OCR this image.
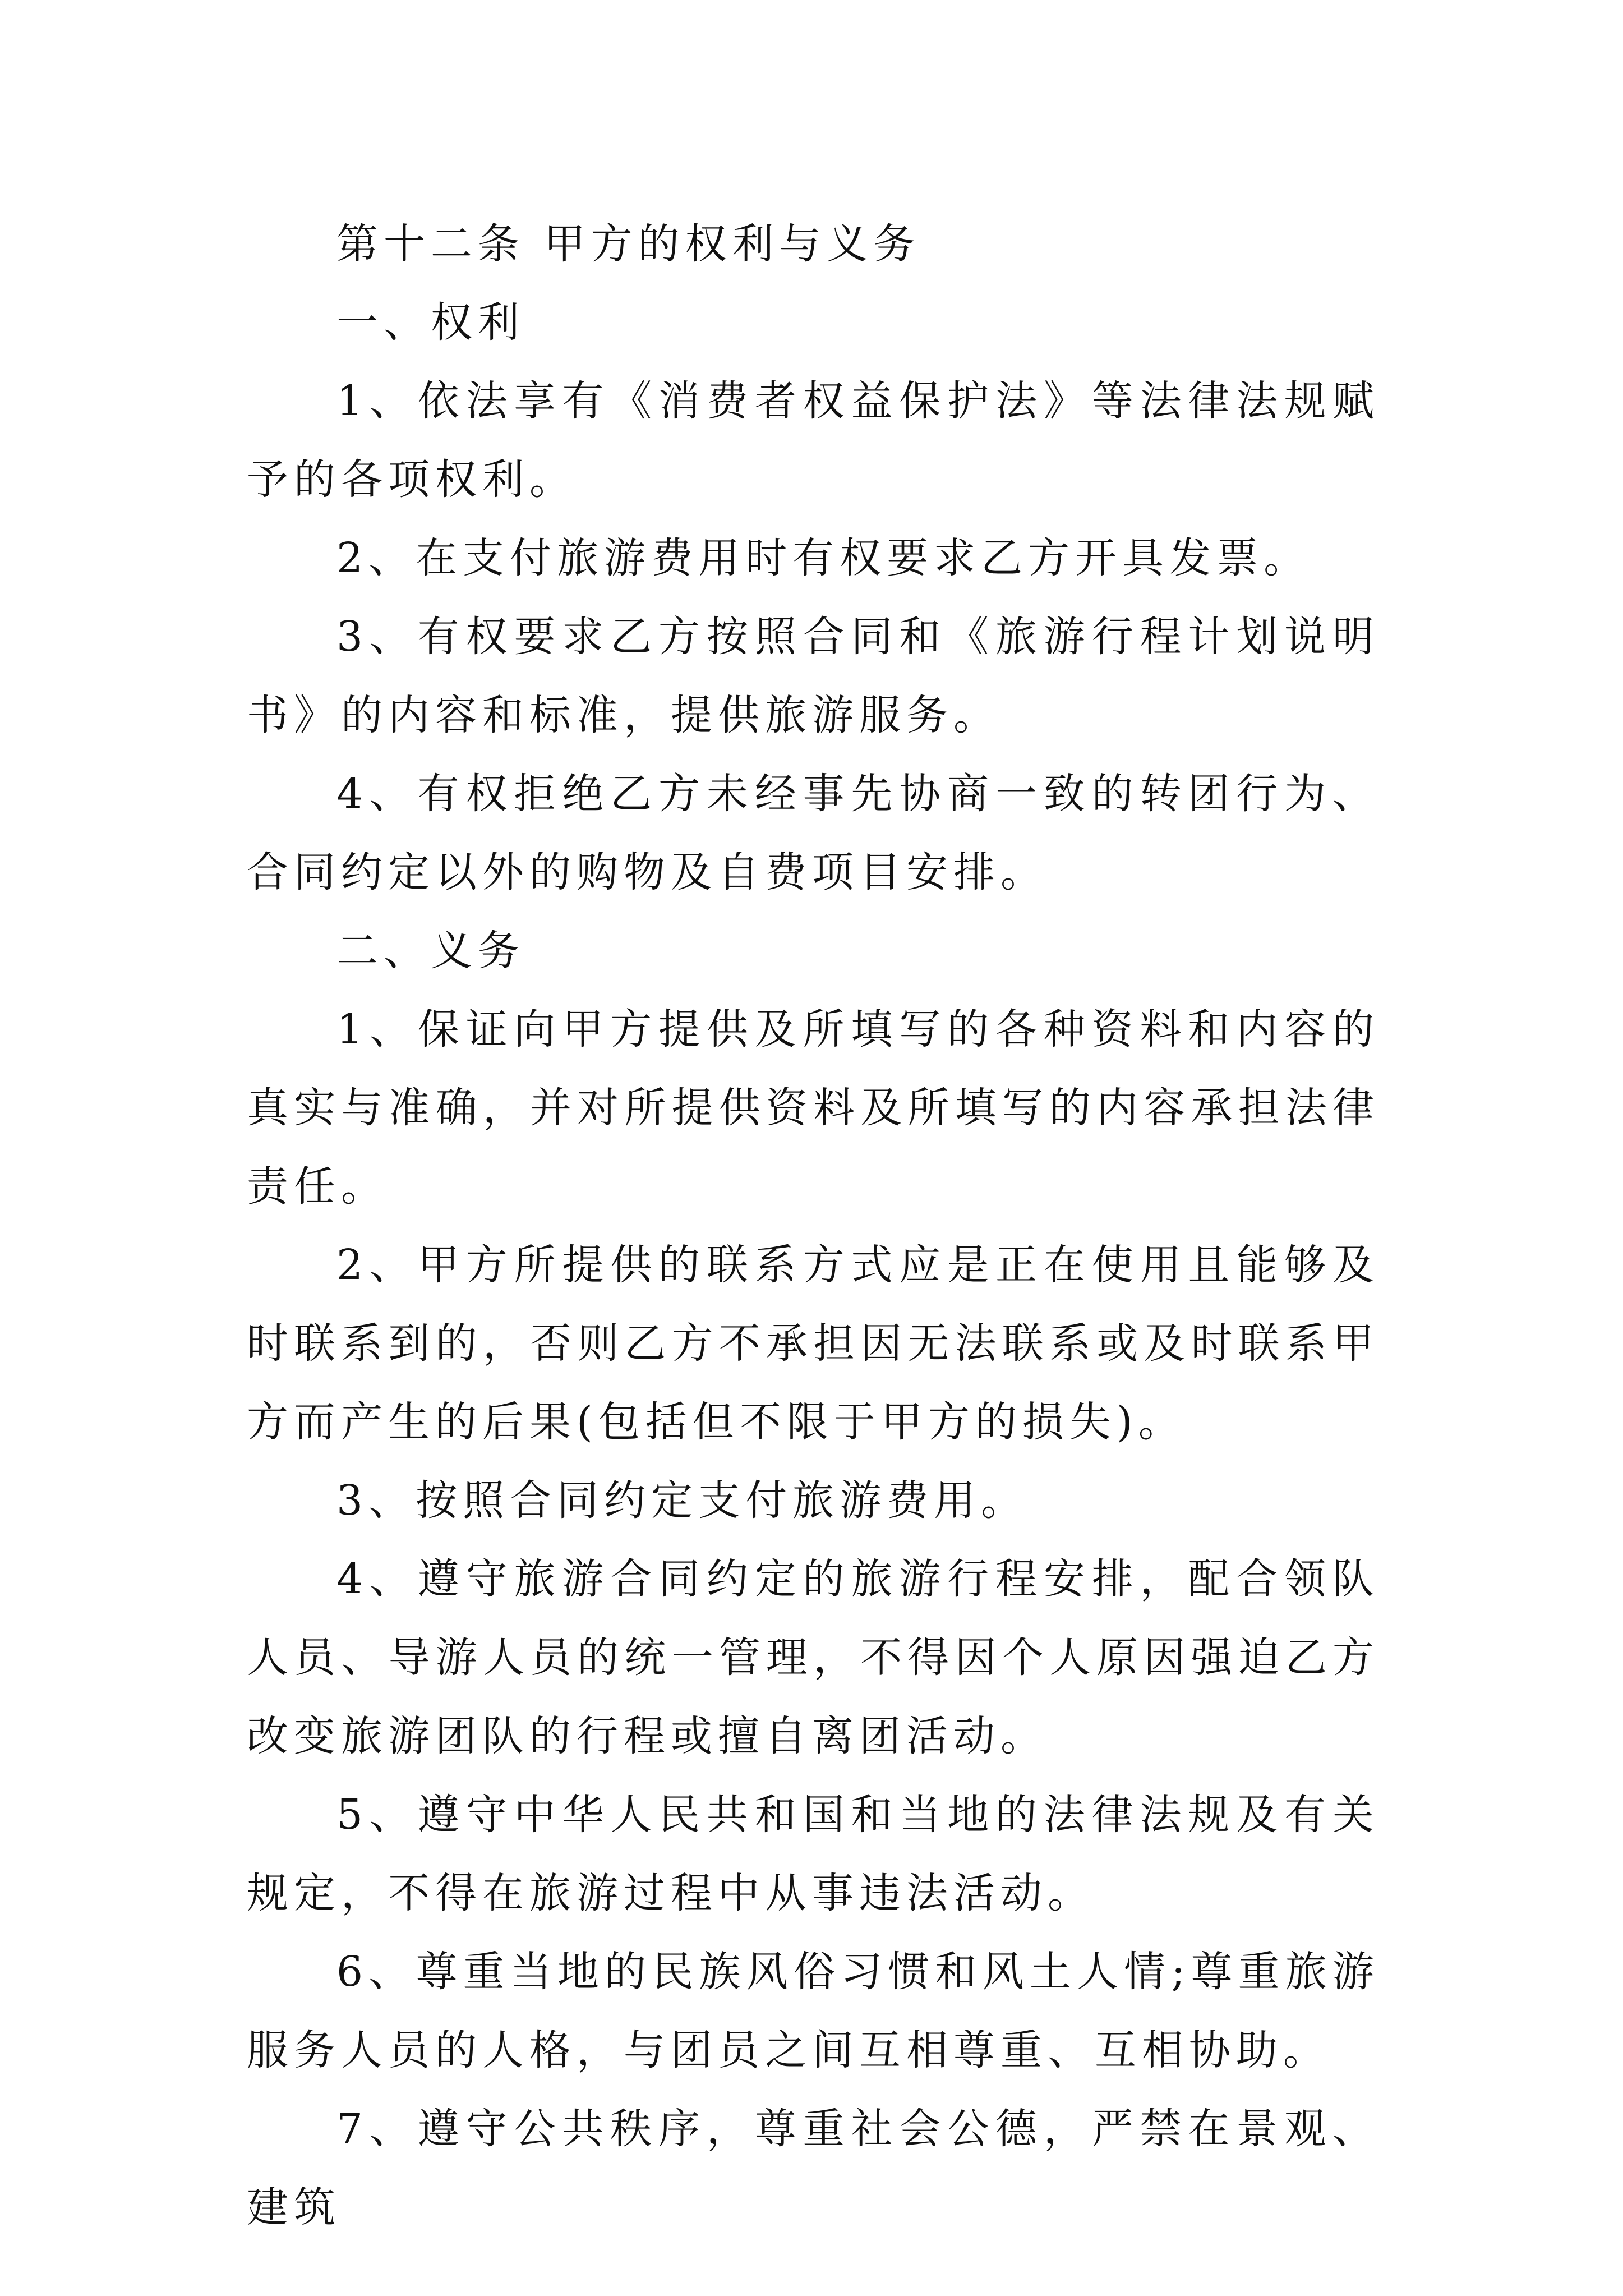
第十二条 甲方的权利与义务

一、权利

1、依法享有《消费者权益保护法》等法律法规赋予的各项权利。

2、在支付旅游费用时有权要求乙方开具发票。

3、有权要求乙方按照合同和《旅游行程计划说明书》的内容和标准，提供旅游服务。

4、有权拒绝乙方未经事先协商一致的转团行为、合同约定以外的购物及自费项目安排。

二、义务

1、保证向甲方提供及所填写的各种资料和内容的真实与准确，并对所提供资料及所填写的内容承担法律责任。

2、甲方所提供的联系方式应是正在使用且能够及时联系到的，否则乙方不承担因无法联系或及时联系甲方而产生的后果(包括但不限于甲方的损失)。

3、按照合同约定支付旅游费用。

4、遵守旅游合同约定的旅游行程安排，配合领队人员、导游人员的统一管理，不得因个人原因强迫乙方改变旅游团队的行程或擅自离团活动。

5、遵守中华人民共和国和当地的法律法规及有关规定，不得在旅游过程中从事违法活动。

6、尊重当地的民族风俗习惯和风土人情;尊重旅游服务人员的人格，与团员之间互相尊重、互相协助。

7、遵守公共秩序，尊重社会公德，严禁在景观、建筑
